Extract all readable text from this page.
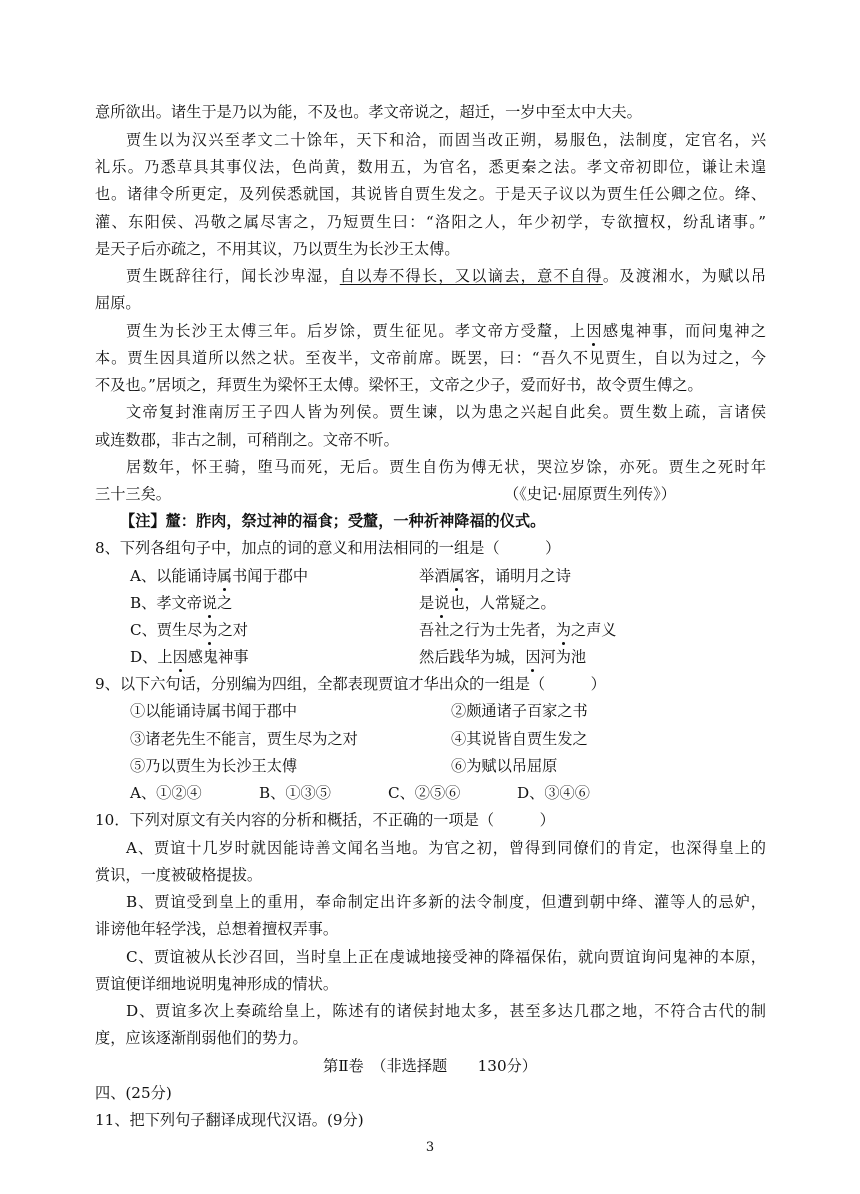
意所欲出。诸生于是乃以为能，不及也。孝文帝说之，超迁，一岁中至太中大夫。
贾生以为汉兴至孝文二十馀年，天下和洽，而固当改正朔，易服色，法制度，定官名，兴
礼乐。乃悉草具其事仪法，色尚黄，数用五，为官名，悉更秦之法。孝文帝初即位，谦让未遑
也。诸律令所更定，及列侯悉就国，其说皆自贾生发之。于是天子议以为贾生任公卿之位。绛、
灌、东阳侯、冯敬之属尽害之，乃短贾生曰：“洛阳之人，年少初学，专欲擅权，纷乱诸事。”
是天子后亦疏之，不用其议，乃以贾生为长沙王太傅。
贾生既辞往行，闻长沙卑湿，自以寿不得长，又以谪去，意不自得。及渡湘水，为赋以吊
屈原。
贾生为长沙王太傅三年。后岁馀，贾生征见。孝文帝方受釐，上因感鬼神事，而问鬼神之
本。贾生因具道所以然之状。至夜半，文帝前席。既罢，曰：“吾久不见贾生，自以为过之，今
不及也。”居顷之，拜贾生为梁怀王太傅。梁怀王，文帝之少子，爱而好书，故令贾生傅之。
文帝复封淮南厉王子四人皆为列侯。贾生谏，以为患之兴起自此矣。贾生数上疏，言诸侯
或连数郡，非古之制，可稍削之。文帝不听。
居数年，怀王骑，堕马而死，无后。贾生自伤为傅无状，哭泣岁馀，亦死。贾生之死时年
三十三矣。	（《史记·屈原贾生列传》）
【注】釐：胙肉，祭过神的福食；受釐，一种祈神降福的仪式。
8、下列各组句子中，加点的词的意义和用法相同的一组是（　　　）
A、以能诵诗属书闻于郡中	举酒属客，诵明月之诗
B、孝文帝说之	是说也，人常疑之。
C、贾生尽为之对	吾社之行为士先者，为之声义
D、上因感鬼神事	然后践华为城，因河为池
9、以下六句话，分别编为四组，全都表现贾谊才华出众的一组是（　　　）
①以能诵诗属书闻于郡中	②颇通诸子百家之书
③诸老先生不能言，贾生尽为之对	④其说皆自贾生发之
⑤乃以贾生为长沙王太傅	⑥为赋以吊屈原
A、①②④	B、①③⑤	C、②⑤⑥	D、③④⑥
10．下列对原文有关内容的分析和概括，不正确的一项是（　　　）
A、贾谊十几岁时就因能诗善文闻名当地。为官之初，曾得到同僚们的肯定，也深得皇上的
赏识，一度被破格提拔。
B、贾谊受到皇上的重用，奉命制定出许多新的法令制度，但遭到朝中绛、灌等人的忌妒，
诽谤他年轻学浅，总想着擅权弄事。
C、贾谊被从长沙召回，当时皇上正在虔诚地接受神的降福保佑，就向贾谊询问鬼神的本原，
贾谊便详细地说明鬼神形成的情状。
D、贾谊多次上奏疏给皇上，陈述有的诸侯封地太多，甚至多达几郡之地，不符合古代的制
度，应该逐渐削弱他们的势力。
第Ⅱ卷　（非选择题　　130分）
四、(25分)
11、把下列句子翻译成现代汉语。(9分)
3
